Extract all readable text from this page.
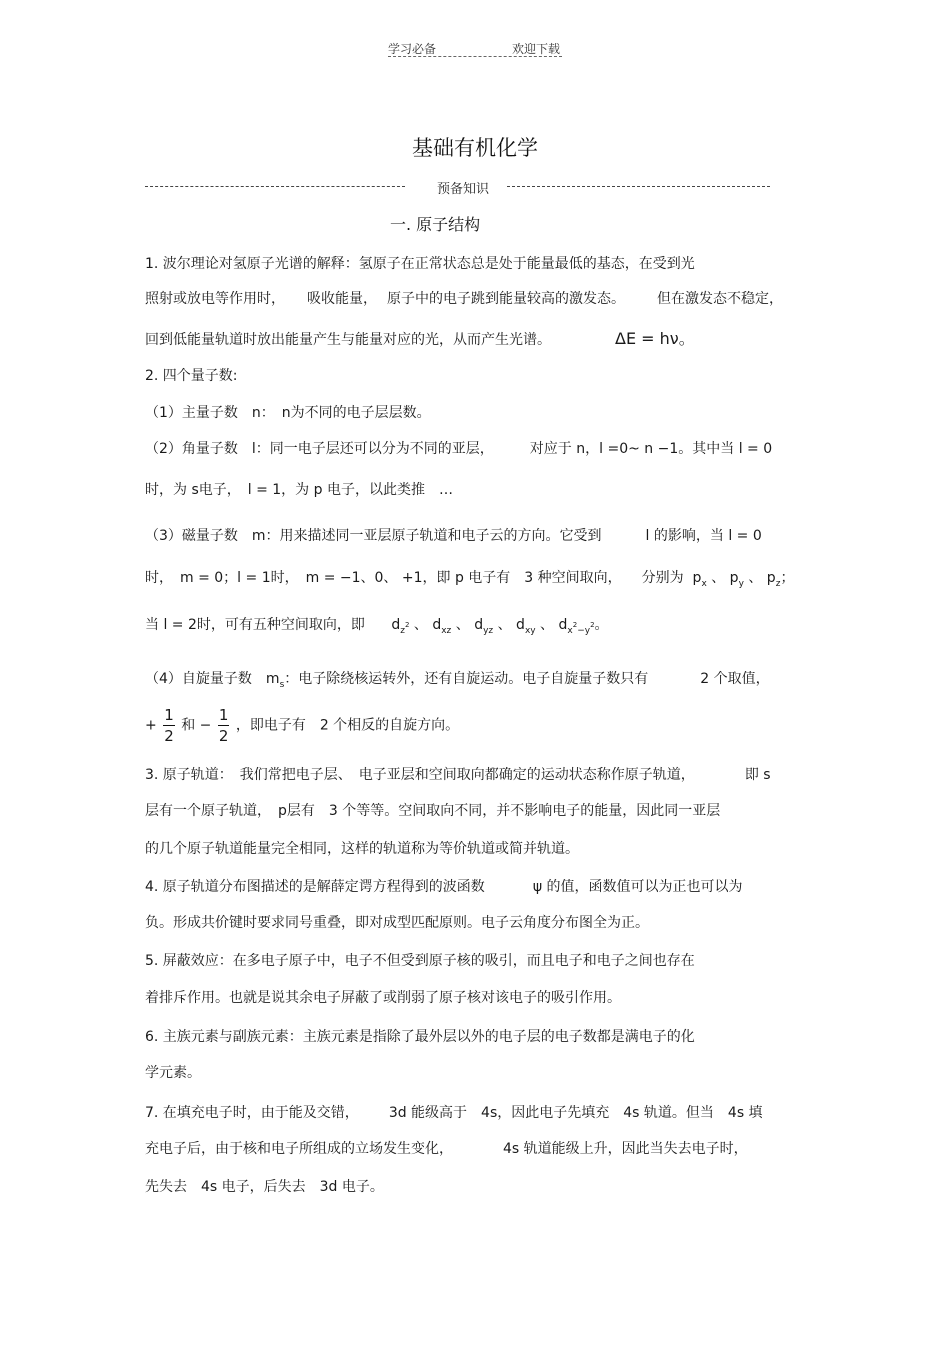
学习必备	欢迎下载
基础有机化学
预备知识
一. 原子结构
1. 波尔理论对氢原子光谱的解释：氢原子在正常状态总是处于能量最低的基态，在受到光
照射或放电等作用时， 吸收能量， 原子中的电子跳到能量较高的激发态。 但在激发态不稳定，
回到低能量轨道时放出能量产生与能量对应的光，从而产生光谱。	ΔE = hν。
2. 四个量子数:
（1）主量子数　n：　n为不同的电子层层数。
（2）角量子数　l：同一电子层还可以分为不同的亚层，	对应于 n，l =0~ n −1。其中当 l = 0
时，为 s电子，　l = 1，为 p 电子，以此类推　…
（3）磁量子数　m：用来描述同一亚层原子轨道和电子云的方向。它受到	l 的影响，当 l = 0
时，　m = 0；l = 1时，　m = −1、0、 +1，即 p 电子有　3 种空间取向， 分别为  $p_x$ 、 $p_y$ 、 $p_z$；
当 l = 2时，可有五种空间取向，即 $d_{z^2}$ 、 $d_{xz}$ 、 $d_{yz}$ 、 $d_{xy}$ 、 $d_{x^2-y^2}$。
（4）自旋量子数 $m_s$：电子除绕核运转外，还有自旋运动。电子自旋量子数只有	2 个取值，
+ $\frac{1}{2}$ 和 − $\frac{1}{2}$ ，即电子有　2 个相反的自旋方向。
3. 原子轨道：　我们常把电子层、　电子亚层和空间取向都确定的运动状态称作原子轨道，	即 s
层有一个原子轨道，　p层有　3 个等等。空间取向不同，并不影响电子的能量，因此同一亚层
的几个原子轨道能量完全相同，这样的轨道称为等价轨道或简并轨道。
4. 原子轨道分布图描述的是解薛定谔方程得到的波函数	ψ 的值，函数值可以为正也可以为
负。形成共价键时要求同号重叠，即对成型匹配原则。电子云角度分布图全为正。
5. 屏蔽效应：在多电子原子中，电子不但受到原子核的吸引，而且电子和电子之间也存在
着排斥作用。也就是说其余电子屏蔽了或削弱了原子核对该电子的吸引作用。
6. 主族元素与副族元素：主族元素是指除了最外层以外的电子层的电子数都是满电子的化
学元素。
7. 在填充电子时，由于能及交错， 3d 能级高于　4s，因此电子先填充　4s 轨道。但当　4s 填
充电子后，由于核和电子所组成的立场发生变化，	4s 轨道能级上升，因此当失去电子时，
先失去　4s 电子，后失去　3d 电子。
